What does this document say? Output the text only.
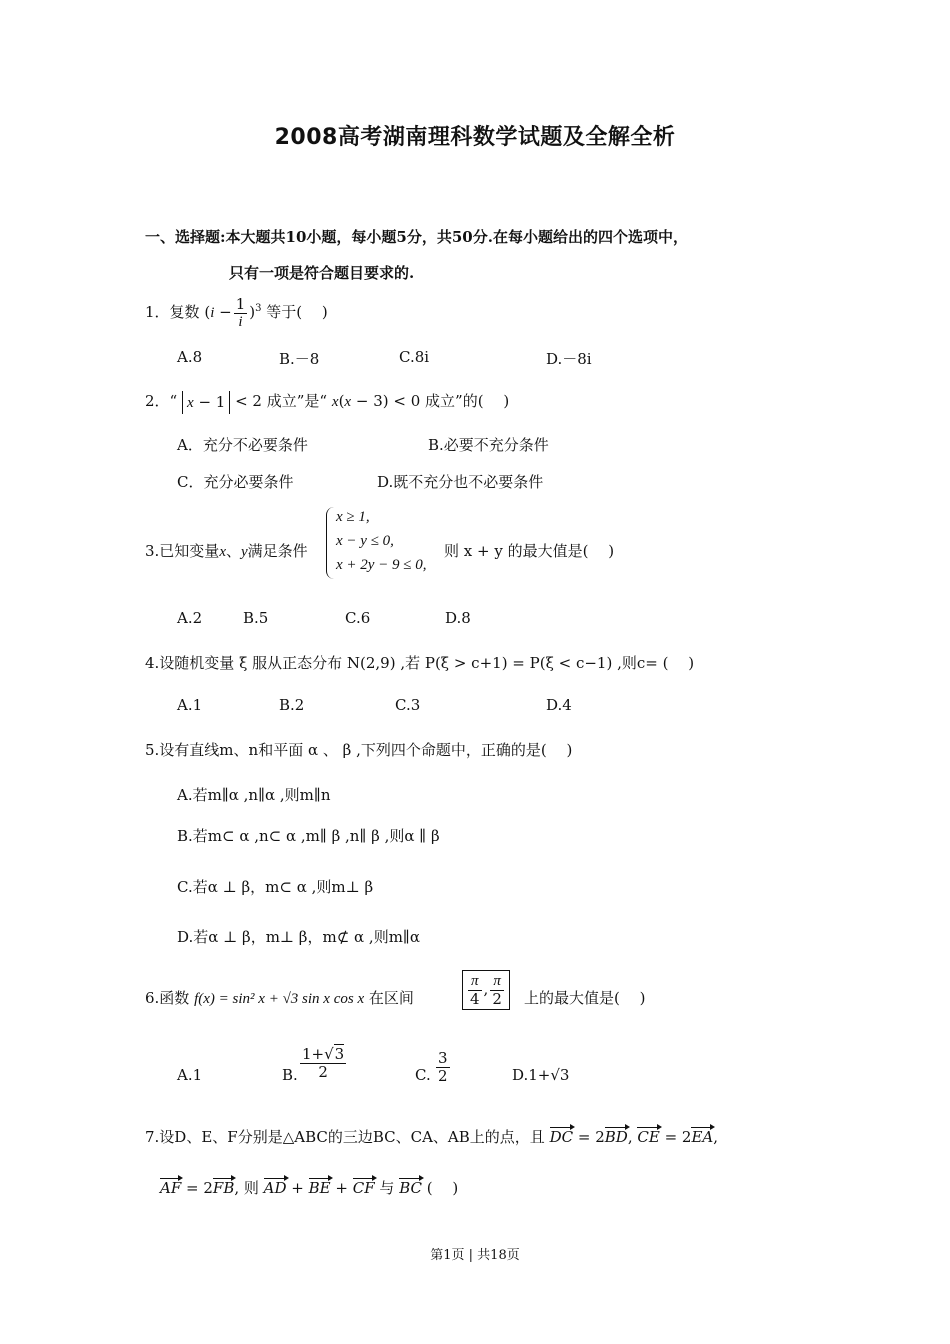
2008高考湖南理科数学试题及全解全析
一、选择题:本大题共10小题，每小题5分，共50分.在每小题给出的四个选项中，
只有一项是符合题目要求的.
1．复数 $(i - \frac{1}{i} )^3$ 等于(　 )
A.8	B.－8	C.8i	D.－8i
2．“ x − 1 < 2 成立”是“ x(x − 3) < 0 成立”的(　 )
A．充分不必要条件	B.必要不充分条件
C．充分必要条件	D.既不充分也不必要条件
3.已知变量x、y满足条件
x ≥ 1,
x − y ≤ 0,
x + 2y − 9 ≤ 0,
则 x + y 的最大值是(　 )
A.2	B.5	C.6	D.8
4.设随机变量 ξ 服从正态分布 N(2,9) ,若 P(ξ > c+1) = P(ξ < c−1) ,则c= (　 )
A.1	B.2	C.3	D.4
5.设有直线m、n和平面 α 、 β ,下列四个命题中，正确的是(　 )
A.若m∥α ,n∥α ,则m∥n
B.若m⊂ α ,n⊂ α ,m∥ β ,n∥ β ,则α ∥ β
C.若α ⊥ β，m⊂ α ,则m⊥ β
D.若α ⊥ β，m⊥ β，m⊄ α ,则m∥α
6.函数 f(x) = sin² x + √3 sin x cos x 在区间	$\frac{\pi}{4}$ , $\frac{\pi}{2}$ 上的最大值是(　 )
A.1	B. $\frac{1+√3}{2}$	C. $\frac{3}{2}$	D.1+√3
7.设D、E、F分别是△ABC的三边BC、CA、AB上的点，且 DC = 2BD, CE = 2EA,
AF = 2FB, 则 AD + BE + CF 与 BC (　 )
第1页 | 共18页
